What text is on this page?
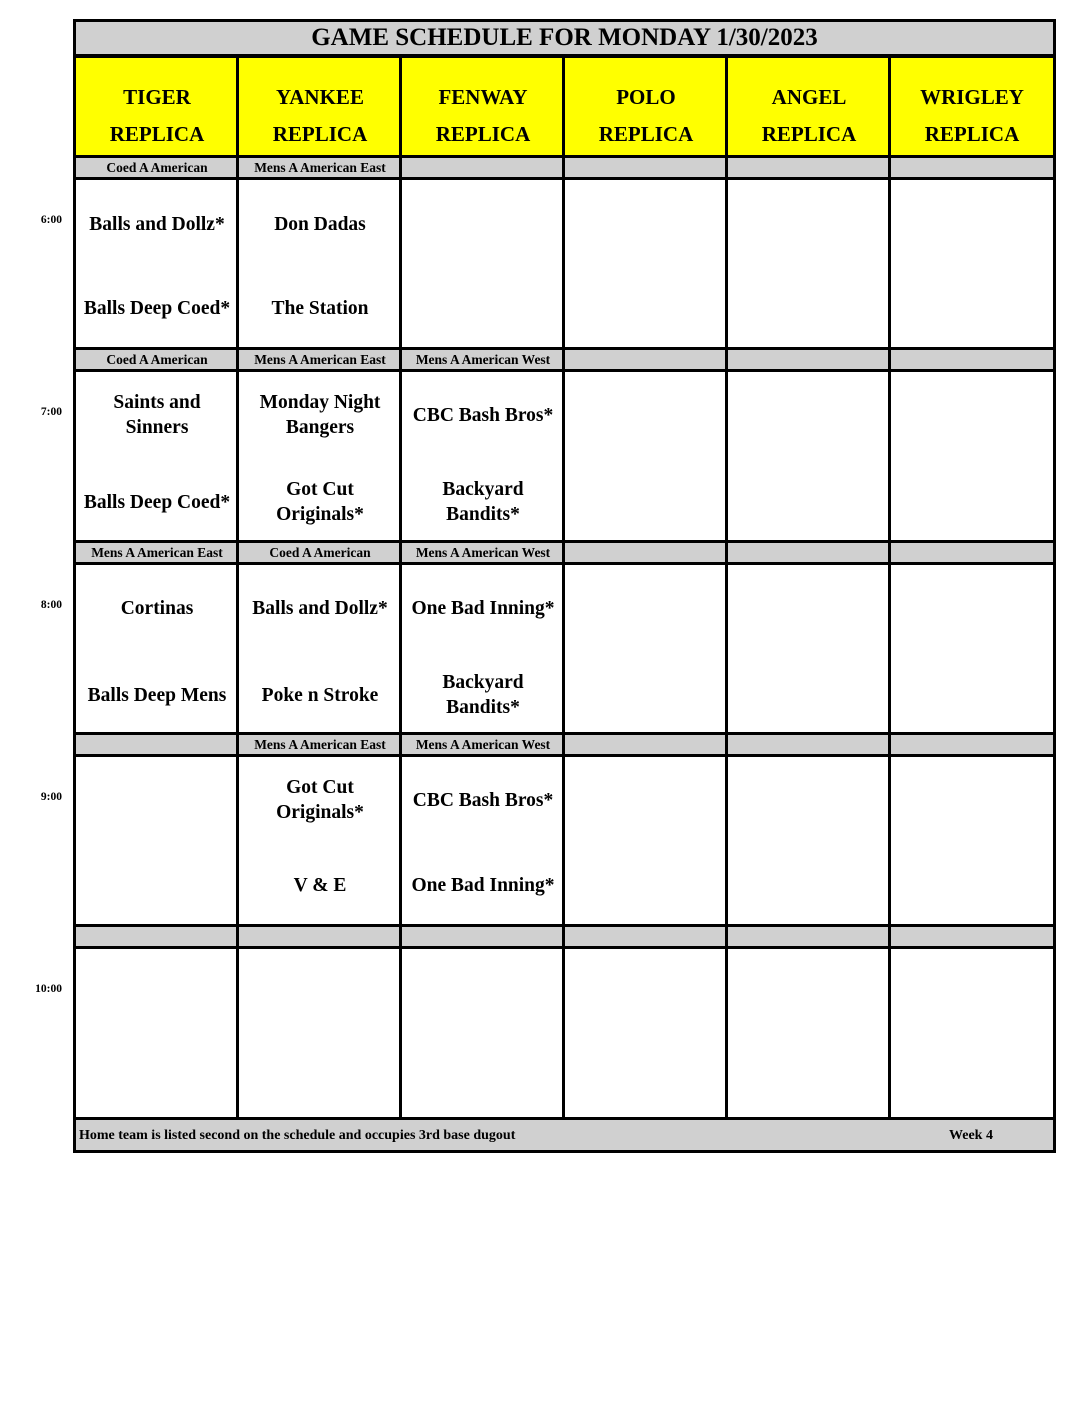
GAME SCHEDULE FOR MONDAY 1/30/2023
TIGER
REPLICA
YANKEE
REPLICA
FENWAY
REPLICA
POLO
REPLICA
ANGEL
REPLICA
WRIGLEY
REPLICA
Coed A American
Balls and Dollz*
Balls Deep Coed*
Mens A American East
Don Dadas
The Station
Coed A American
Saints and Sinners
Balls Deep Coed*
Mens A American East
Monday Night Bangers
Got Cut Originals*
Mens A American West
CBC Bash Bros*
Backyard Bandits*
Mens A American East
Cortinas
Balls Deep Mens
Coed A American
Balls and Dollz*
Poke n Stroke
Mens A American West
One Bad Inning*
Backyard Bandits*
Mens A American East
Got Cut Originals*
V & E
Mens A American West
CBC Bash Bros*
One Bad Inning*
Home team is listed second on the schedule and occupies 3rd base dugout	Week 4
6:00
7:00
8:00
9:00
10:00
